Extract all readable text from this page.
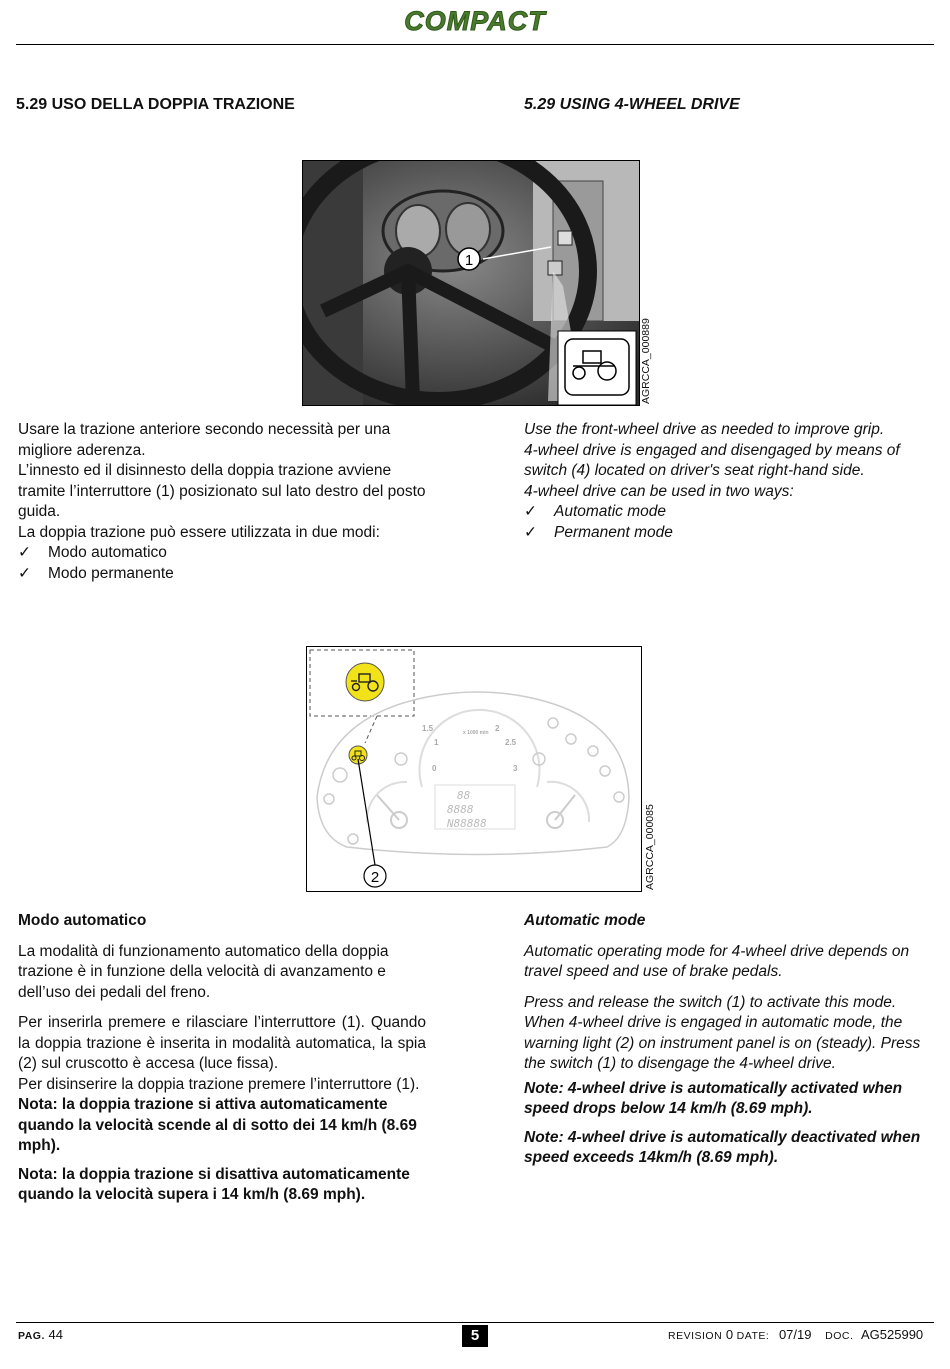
COMPACT
5.29 USO DELLA DOPPIA TRAZIONE	5.29 USING 4-WHEEL DRIVE
1
AGRCCA_000889

Usare la trazione anteriore secondo necessità per una migliore aderenza.

L’innesto ed il disinnesto della doppia trazione avviene tramite l’interruttore (1) posizionato sul lato destro del posto guida.

La doppia trazione può essere utilizzata in due modi:

✓ Modo automatico
✓ Modo permanente

Use the front-wheel drive as needed to improve grip.

4-wheel drive is engaged and disengaged by means of switch (4) located on driver's seat right-hand side.

4-wheel drive can be used in two ways:

✓ Automatic mode
✓ Permanent mode
1.5	2
1	2.5
0	3
x 1000 min
88
8888
N88888
2	AGRCCA_000085

Modo automatico

La modalità di funzionamento automatico della doppia trazione è in funzione della velocità di avanzamento e dell’uso dei pedali del freno.

Per inserirla premere e rilasciare l’interruttore (1). Quando la doppia trazione è inserita in modalità automatica, la spia (2) sul cruscotto è accesa (luce fissa).

Per disinserire la doppia trazione premere l’interruttore (1).

Nota: la doppia trazione si attiva automaticamente quando la velocità scende al di sotto dei 14 km/h (8.69 mph).

Nota: la doppia trazione si disattiva automaticamente quando la velocità supera i 14 km/h (8.69 mph).

Automatic mode

Automatic operating mode for 4-wheel drive depends on travel speed and use of brake pedals.

Press and release the switch (1) to activate this mode. When 4-wheel drive is engaged in automatic mode, the warning light (2) on instrument panel is on (steady). Press the switch (1) to disengage the 4-wheel drive.

Note: 4-wheel drive is automatically activated when speed drops below 14 km/h (8.69 mph).

Note: 4-wheel drive is automatically deactivated when speed exceeds 14km/h (8.69 mph).

PAG. 44	5	REVISION 0 DATE: 07/19 DOC. AG525990
